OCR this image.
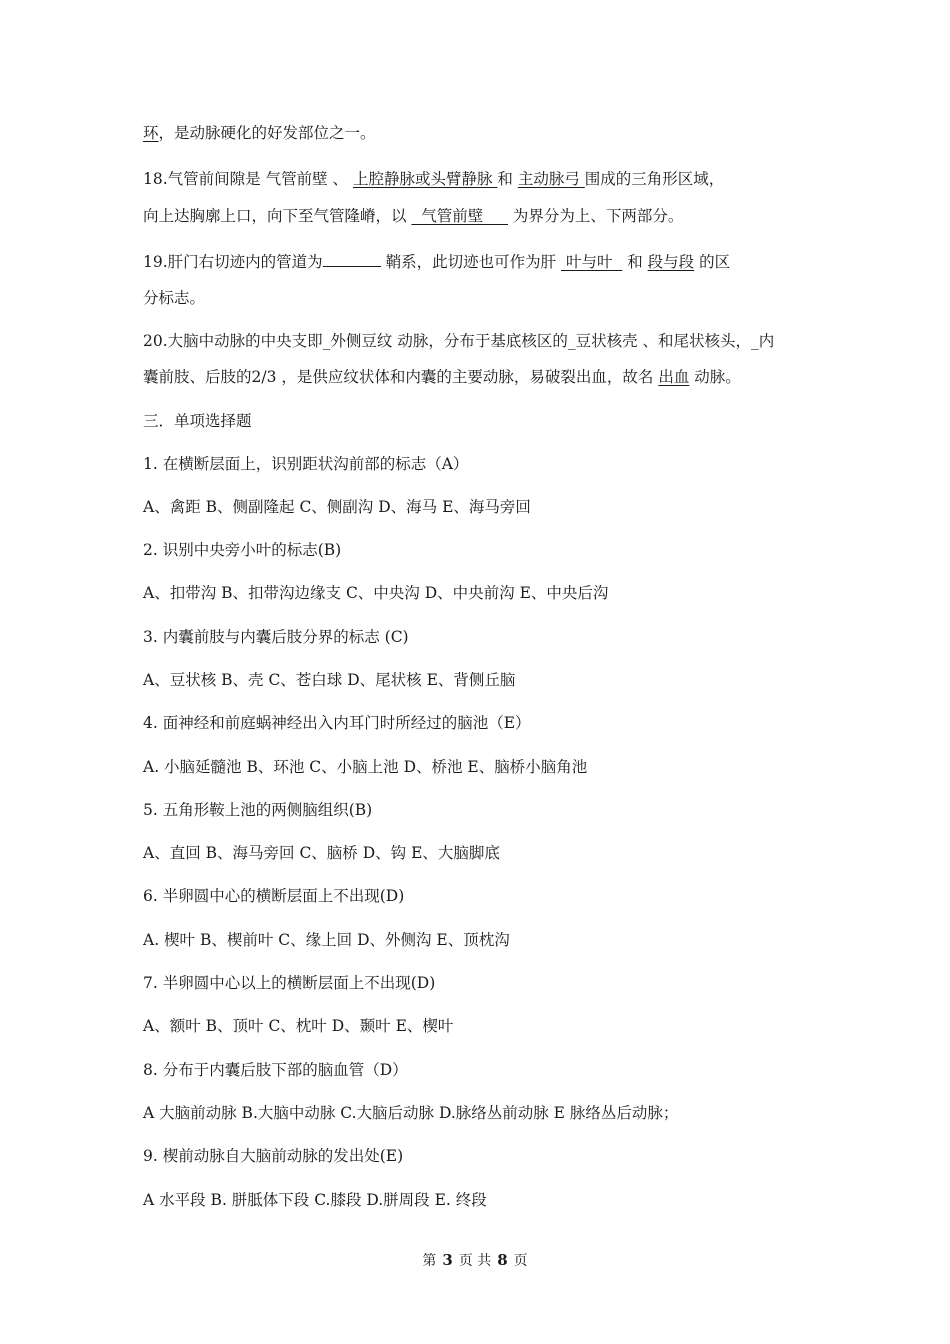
环，是动脉硬化的好发部位之一。
18.气管前间隙是 气管前壁 、 上腔静脉或头臂静脉 和 主动脉弓 围成的三角形区域，
向上达胸廓上口，向下至气管隆嵴，以   气管前壁      为界分为上、下两部分。
19.肝门右切迹内的管道为	鞘系，此切迹也可作为肝  叶与叶   和 段与段 的区
分标志。
20.大脑中动脉的中央支即_外侧豆纹 动脉，分布于基底核区的_豆状核壳 、和尾状核头，_内
囊前肢、后肢的2/3 ，是供应纹状体和内囊的主要动脉，易破裂出血，故名 出血 动脉。
三．单项选择题
1. 在横断层面上，识别距状沟前部的标志（A）
A、禽距 B、侧副隆起 C、侧副沟 D、海马 E、海马旁回
2. 识别中央旁小叶的标志(B)
A、扣带沟 B、扣带沟边缘支 C、中央沟 D、中央前沟 E、中央后沟
3. 内囊前肢与内囊后肢分界的标志 (C)
A、豆状核 B、壳 C、苍白球 D、尾状核 E、背侧丘脑
4. 面神经和前庭蜗神经出入内耳门时所经过的脑池（E）
A. 小脑延髓池 B、环池 C、小脑上池 D、桥池 E、脑桥小脑角池
5. 五角形鞍上池的两侧脑组织(B)
A、直回 B、海马旁回 C、脑桥 D、钩 E、大脑脚底
6. 半卵圆中心的横断层面上不出现(D)
A. 楔叶 B、楔前叶 C、缘上回 D、外侧沟 E、顶枕沟
7. 半卵圆中心以上的横断层面上不出现(D)
A、额叶 B、顶叶 C、枕叶 D、颞叶 E、楔叶
8. 分布于内囊后肢下部的脑血管（D）
A 大脑前动脉 B.大脑中动脉 C.大脑后动脉 D.脉络丛前动脉 E 脉络丛后动脉；
9. 楔前动脉自大脑前动脉的发出处(E)
A 水平段 B. 胼胝体下段 C.膝段 D.胼周段 E. 终段
第 3 页 共 8 页
